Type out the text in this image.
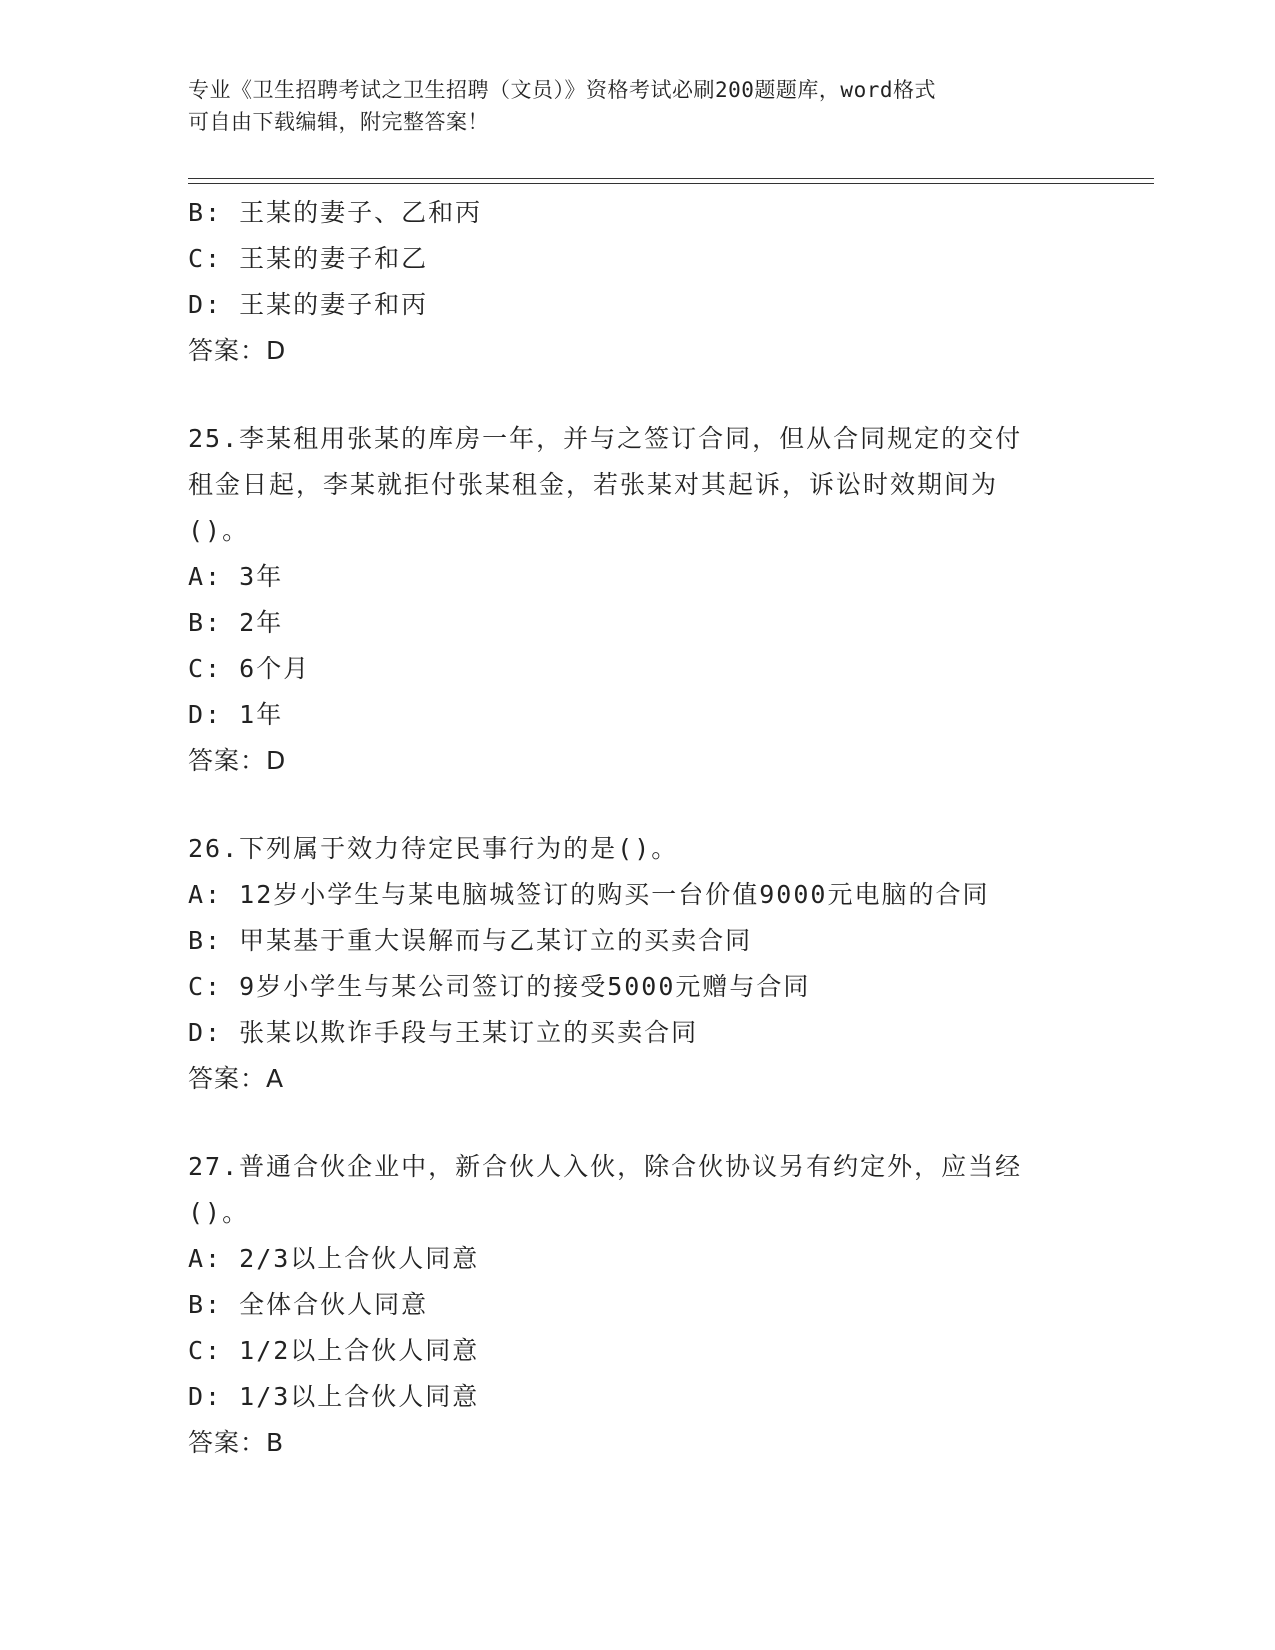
专业《卫生招聘考试之卫生招聘（文员）》资格考试必刷200题题库，word格式
可自由下载编辑，附完整答案！
B: 王某的妻子、乙和丙
C: 王某的妻子和乙
D: 王某的妻子和丙
答案：D
25.李某租用张某的库房一年，并与之签订合同，但从合同规定的交付
租金日起，李某就拒付张某租金，若张某对其起诉，诉讼时效期间为
()。
A: 3年
B: 2年
C: 6个月
D: 1年
答案：D
26.下列属于效力待定民事行为的是()。
A: 12岁小学生与某电脑城签订的购买一台价值9000元电脑的合同
B: 甲某基于重大误解而与乙某订立的买卖合同
C: 9岁小学生与某公司签订的接受5000元赠与合同
D: 张某以欺诈手段与王某订立的买卖合同
答案：A
27.普通合伙企业中，新合伙人入伙，除合伙协议另有约定外，应当经
()。
A: 2/3以上合伙人同意
B: 全体合伙人同意
C: 1/2以上合伙人同意
D: 1/3以上合伙人同意
答案：B
